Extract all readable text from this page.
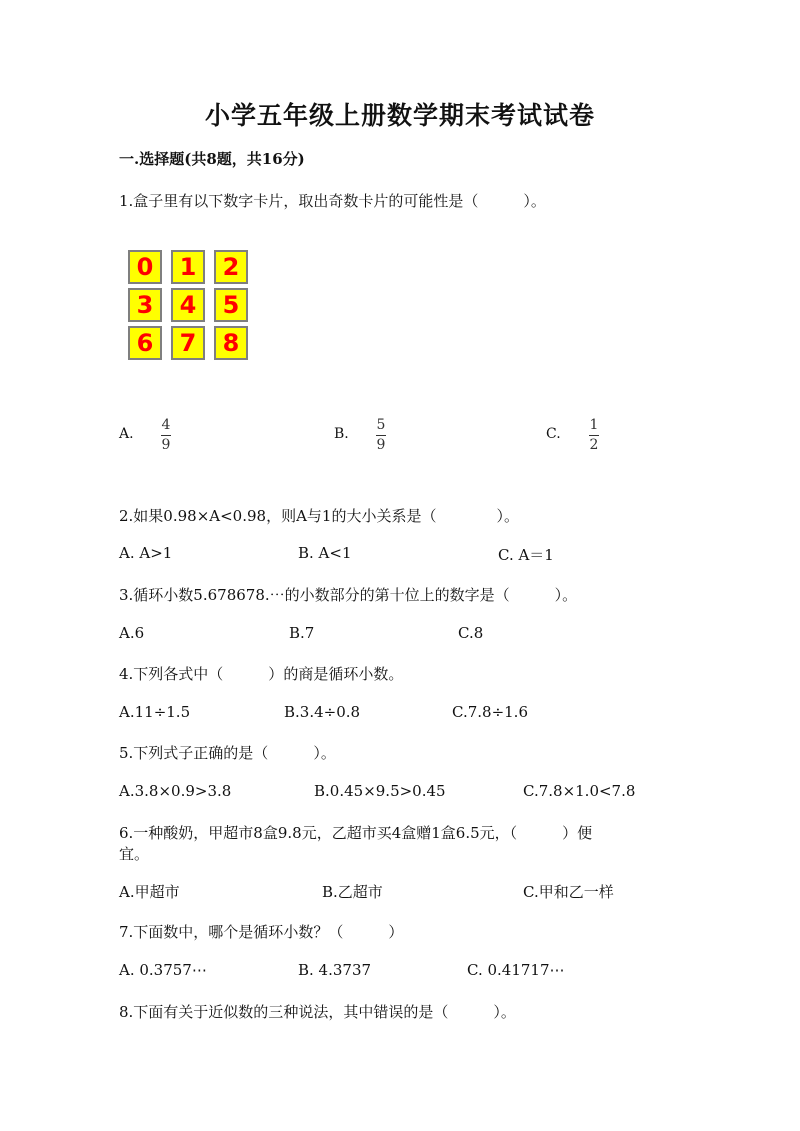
小学五年级上册数学期末考试试卷
一.选择题(共8题，共16分)
1.盒子里有以下数字卡片，取出奇数卡片的可能性是（　　　）。
0	1	2
3	4	5
6	7	8
A.
4
9
B.
5
9
C.
1
2
2.如果0.98×A<0.98，则A与1的大小关系是（　　　　）。
A. A>1	B. A<1	C. A＝1
3.循环小数5.678678.⋯的小数部分的第十位上的数字是（　　　）。
A.6	B.7	C.8
4.下列各式中（　　　）的商是循环小数。
A.11÷1.5	B.3.4÷0.8	C.7.8÷1.6
5.下列式子正确的是（　　　）。
A.3.8×0.9>3.8	B.0.45×9.5>0.45	C.7.8×1.0<7.8
6.一种酸奶，甲超市8盒9.8元，乙超市买4盒赠1盒6.5元，（　　　）便
宜。
A.甲超市	B.乙超市	C.甲和乙一样
7.下面数中，哪个是循环小数？（　　　）
A. 0.3757⋯	B. 4.3737	C. 0.41717⋯
8.下面有关于近似数的三种说法，其中错误的是（　　　）。
